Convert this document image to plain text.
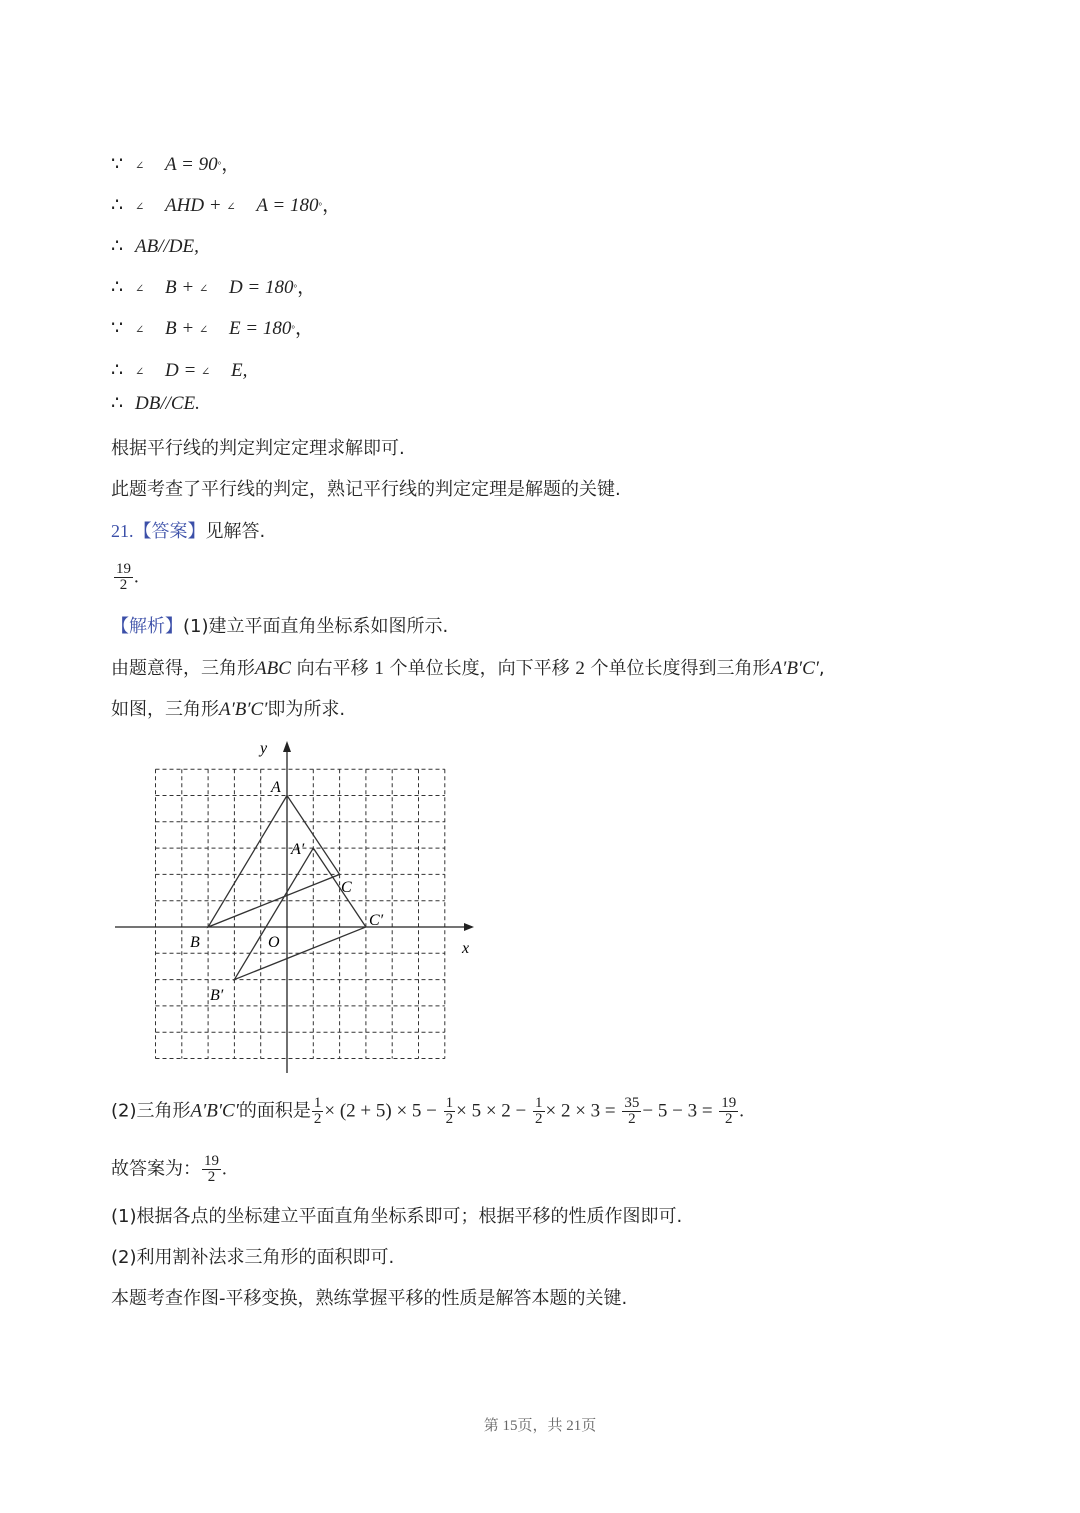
∵ ∠ A = 90°，
∴ ∠ AHD + ∠ A = 180°，
∴ AB//DE,
∴ ∠ B + ∠ D = 180°，
∵ ∠ B + ∠ E = 180°，
∴ ∠ D = ∠ E,
∴ DB//CE.
根据平行线的判定判定定理求解即可.
此题考查了平行线的判定，熟记平行线的判定定理是解题的关键.
21.【答案】见解答.
$\frac{19}{2}$ .
【解析】(1)建立平面直角坐标系如图所示.
由题意得，三角形ABC 向右平移 1 个单位长度，向下平移 2 个单位长度得到三角形A′B′C′,
如图，三角形A′B′C′即为所求.
x
y
O
A
B
C
A′
B′
C′
(2)三角形A′B′C′的面积是 $\frac{1}{2} \times (2 + 5) \times 5 - \frac{1}{2} \times 5 \times 2 - \frac{1}{2} \times 2 \times 3 = \frac{35}{2} - 5 - 3 = \frac{19}{2}$ .
故答案为： $\frac{19}{2}$ .
(1)根据各点的坐标建立平面直角坐标系即可；根据平移的性质作图即可.
(2)利用割补法求三角形的面积即可.
本题考查作图-平移变换，熟练掌握平移的性质是解答本题的关键.
第 15页，共 21页
